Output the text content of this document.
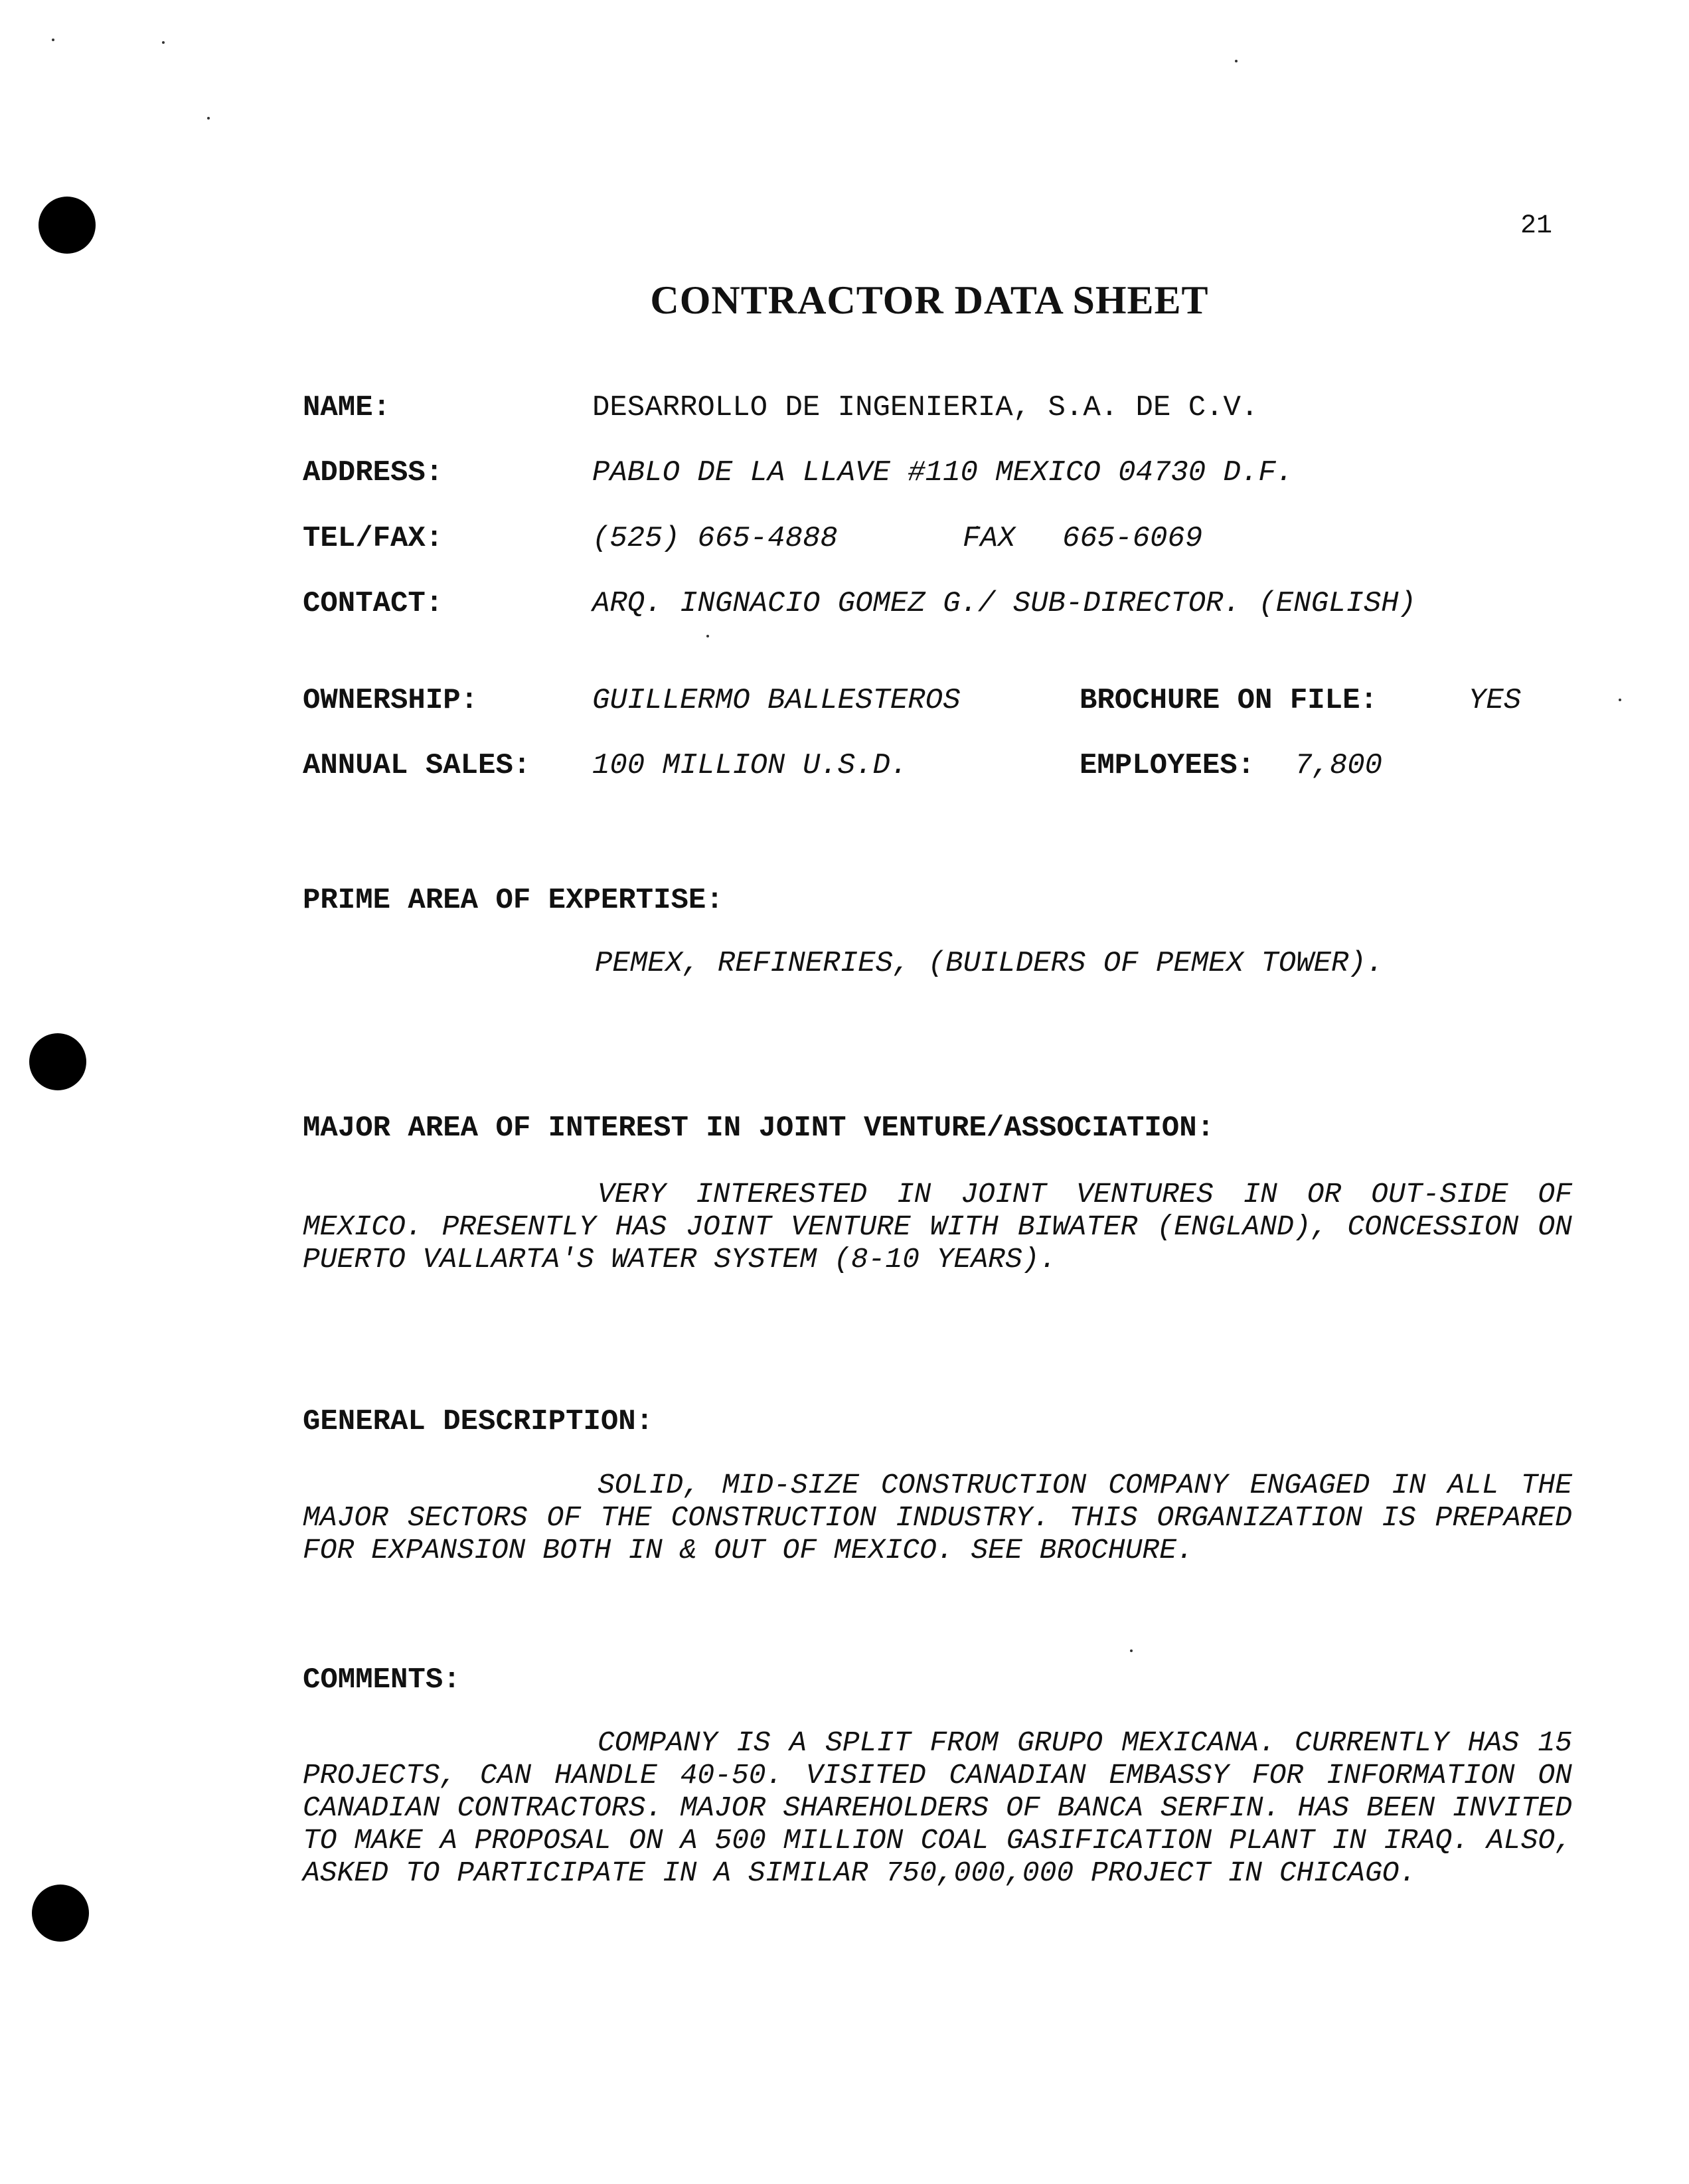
21
CONTRACTOR DATA SHEET
NAME:	DESARROLLO DE INGENIERIA, S.A. DE C.V.
ADDRESS:	PABLO DE LA LLAVE #110 MEXICO 04730 D.F.
TEL/FAX:	(525) 665-4888	FAX 665-6069
CONTACT:	ARQ. INGNACIO GOMEZ G./ SUB-DIRECTOR. (ENGLISH)
OWNERSHIP:	GUILLERMO BALLESTEROS	BROCHURE ON FILE:	YES
ANNUAL SALES: 100 MILLION U.S.D.	EMPLOYEES: 7,800
PRIME AREA OF EXPERTISE:
PEMEX, REFINERIES, (BUILDERS OF PEMEX TOWER).
MAJOR AREA OF INTEREST IN JOINT VENTURE/ASSOCIATION:

VERY INTERESTED IN JOINT VENTURES IN OR OUT-SIDE OF MEXICO. PRESENTLY HAS JOINT VENTURE WITH BIWATER (ENGLAND), CONCESSION ON PUERTO VALLARTA'S WATER SYSTEM (8-10 YEARS).

GENERAL DESCRIPTION:

SOLID, MID-SIZE CONSTRUCTION COMPANY ENGAGED IN ALL THE MAJOR SECTORS OF THE CONSTRUCTION INDUSTRY. THIS ORGANIZATION IS PREPARED FOR EXPANSION BOTH IN & OUT OF MEXICO. SEE BROCHURE.

COMMENTS:

COMPANY IS A SPLIT FROM GRUPO MEXICANA. CURRENTLY HAS 15 PROJECTS, CAN HANDLE 40-50. VISITED CANADIAN EMBASSY FOR INFORMATION ON CANADIAN CONTRACTORS. MAJOR SHAREHOLDERS OF BANCA SERFIN. HAS BEEN INVITED TO MAKE A PROPOSAL ON A 500 MILLION COAL GASIFICATION PLANT IN IRAQ. ALSO, ASKED TO PARTICIPATE IN A SIMILAR 750,000,000 PROJECT IN CHICAGO.
